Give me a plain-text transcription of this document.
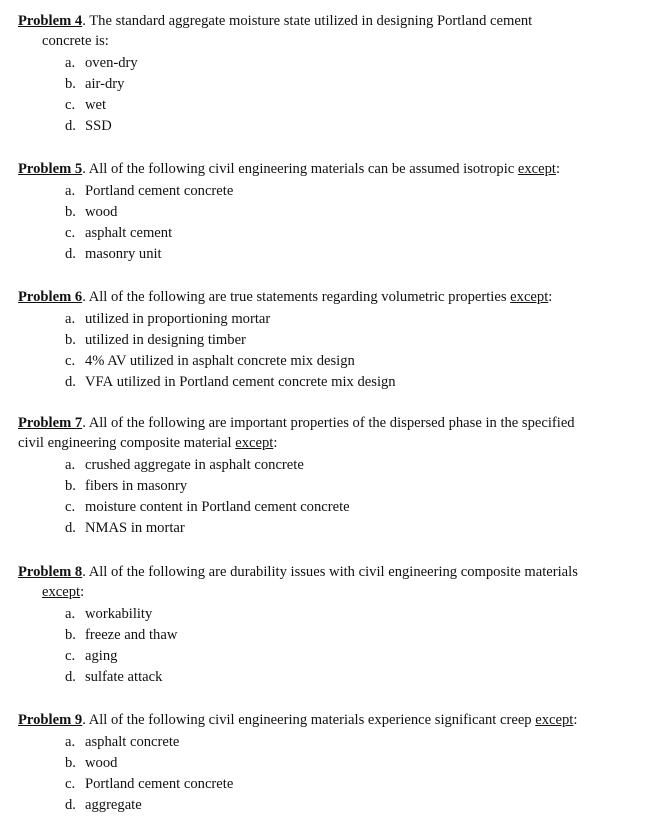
Problem 4. The standard aggregate moisture state utilized in designing Portland cement
concrete is:

a. oven-dry
b. air-dry
c. wet
d. SSD

Problem 5. All of the following civil engineering materials can be assumed isotropic except:

a. Portland cement concrete
b. wood
c. asphalt cement
d. masonry unit

Problem 6. All of the following are true statements regarding volumetric properties except:

a. utilized in proportioning mortar
b. utilized in designing timber
c. 4% AV utilized in asphalt concrete mix design
d. VFA utilized in Portland cement concrete mix design

Problem 7. All of the following are important properties of the dispersed phase in the specified
civil engineering composite material except:

a. crushed aggregate in asphalt concrete
b. fibers in masonry
c. moisture content in Portland cement concrete
d. NMAS in mortar

Problem 8. All of the following are durability issues with civil engineering composite materials
except:

a. workability
b. freeze and thaw
c. aging
d. sulfate attack

Problem 9. All of the following civil engineering materials experience significant creep except:

a. asphalt concrete
b. wood
c. Portland cement concrete
d. aggregate
